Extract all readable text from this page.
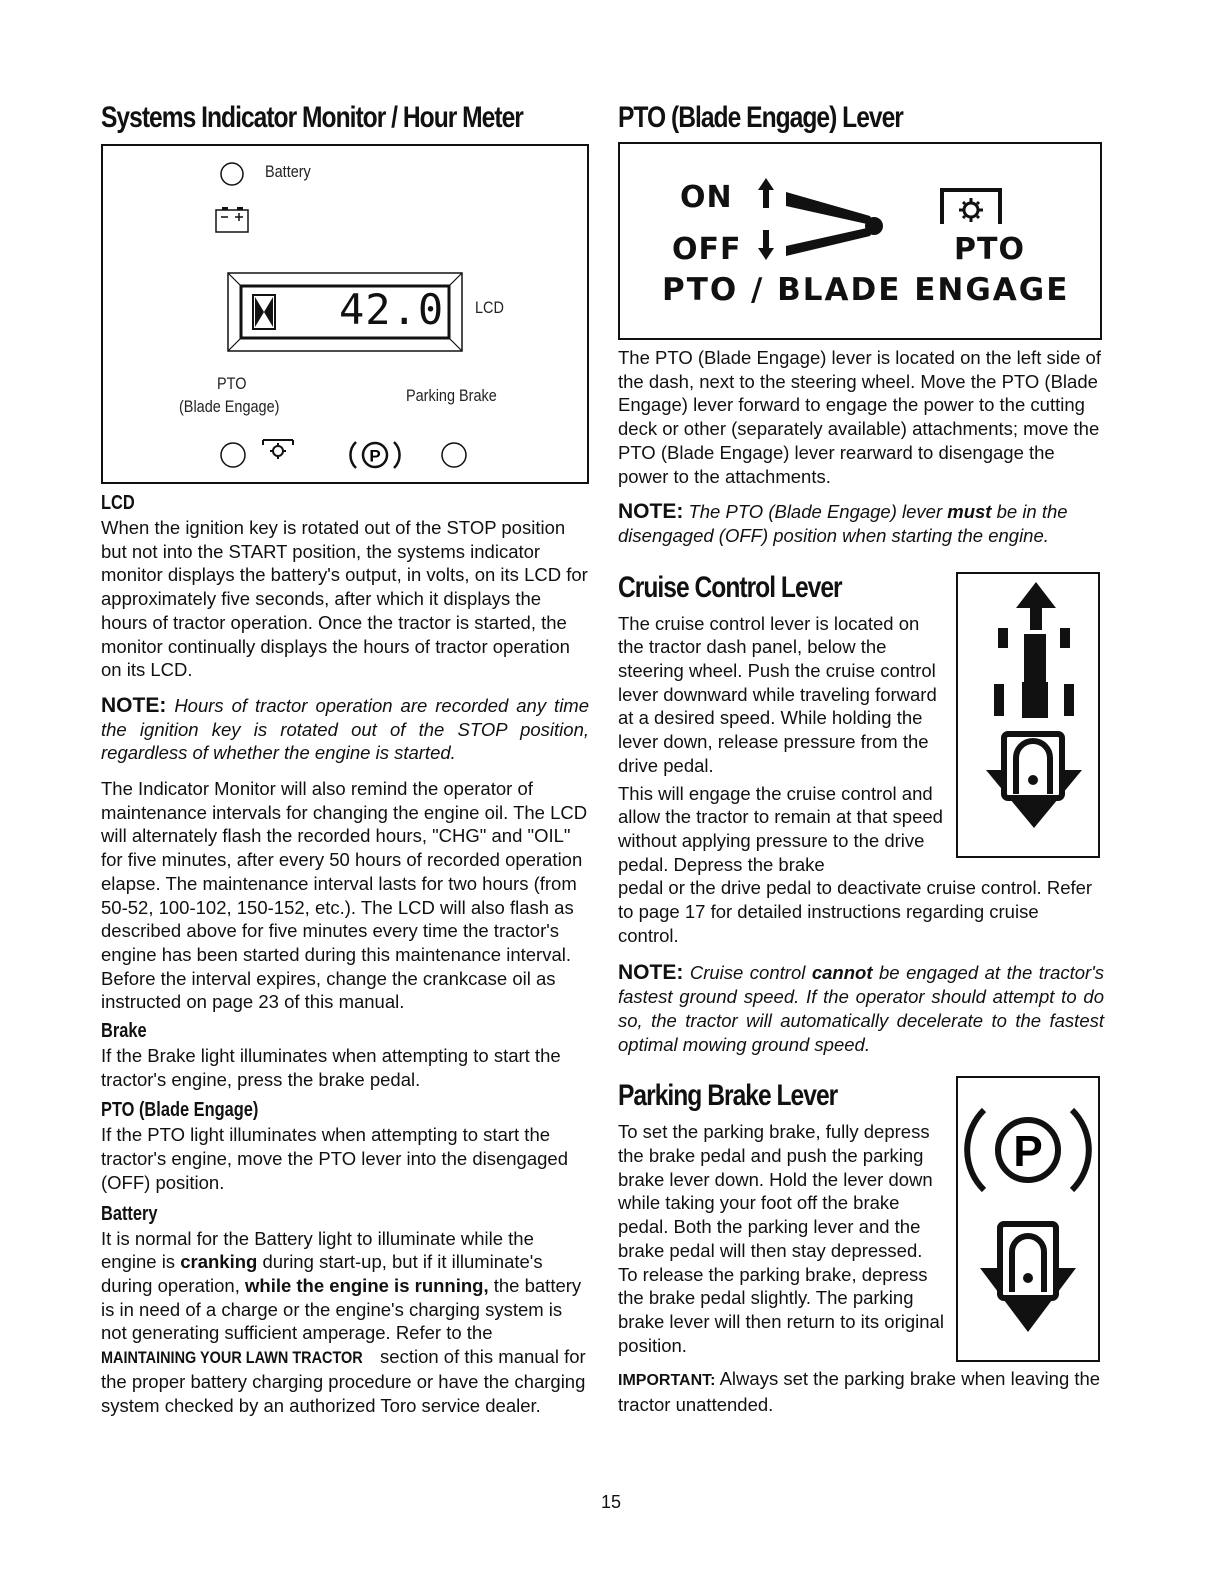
Systems Indicator Monitor / Hour Meter
Battery
42.0 LCD
PTO
(Blade Engage)
Parking Brake
P
LCD

When the ignition key is rotated out of the STOP position but not into the START position, the systems indicator monitor displays the battery's output, in volts, on its LCD for approximately five seconds, after which it displays the hours of tractor operation. Once the tractor is started, the monitor continually displays the hours of tractor operation on its LCD.

NOTE: Hours of tractor operation are recorded any time the ignition key is rotated out of the STOP position, regardless of whether the engine is started.

The Indicator Monitor will also remind the operator of maintenance intervals for changing the engine oil. The LCD will alternately flash the recorded hours, "CHG" and "OIL" for five minutes, after every 50 hours of recorded operation elapse. The maintenance interval lasts for two hours (from 50-52, 100-102, 150-152, etc.). The LCD will also flash as described above for five minutes every time the tractor's engine has been started during this maintenance interval. Before the interval expires, change the crankcase oil as instructed on page 23 of this manual.

Brake

If the Brake light illuminates when attempting to start the tractor's engine, press the brake pedal.

PTO (Blade Engage)

If the PTO light illuminates when attempting to start the tractor's engine, move the PTO lever into the disengaged (OFF) position.

Battery

It is normal for the Battery light to illuminate while the engine is cranking during start-up, but if it illuminate's during operation, while the engine is running, the battery is in need of a charge or the engine's charging system is not generating sufficient amperage. Refer to the MAINTAINING YOUR LAWN TRACTOR section of this manual for the proper battery charging procedure or have the charging system checked by an authorized Toro service dealer.

PTO (Blade Engage) Lever
ON
OFF	PTO
PTO / BLADE ENGAGE

The PTO (Blade Engage) lever is located on the left side of the dash, next to the steering wheel. Move the PTO (Blade Engage) lever forward to engage the power to the cutting deck or other (separately available) attachments; move the PTO (Blade Engage) lever rearward to disengage the power to the attachments.

NOTE: The PTO (Blade Engage) lever must be in the disengaged (OFF) position when starting the engine.

Cruise Control Lever

The cruise control lever is located on the tractor dash panel, below the steering wheel. Push the cruise control lever downward while traveling forward at a desired speed. While holding the lever down, release pressure from the drive pedal.

This will engage the cruise control and allow the tractor to remain at that speed without applying pressure to the drive pedal. Depress the brake

pedal or the drive pedal to deactivate cruise control. Refer to page 17 for detailed instructions regarding cruise control.

NOTE: Cruise control cannot be engaged at the tractor's fastest ground speed. If the operator should attempt to do so, the tractor will automatically decelerate to the fastest optimal mowing ground speed.

P
Parking Brake Lever

To set the parking brake, fully depress the brake pedal and push the parking brake lever down. Hold the lever down while taking your foot off the brake pedal. Both the parking lever and the brake pedal will then stay depressed. To release the parking brake, depress the brake pedal slightly. The parking brake lever will then return to its original position.

IMPORTANT: Always set the parking brake when leaving the tractor unattended.

15
